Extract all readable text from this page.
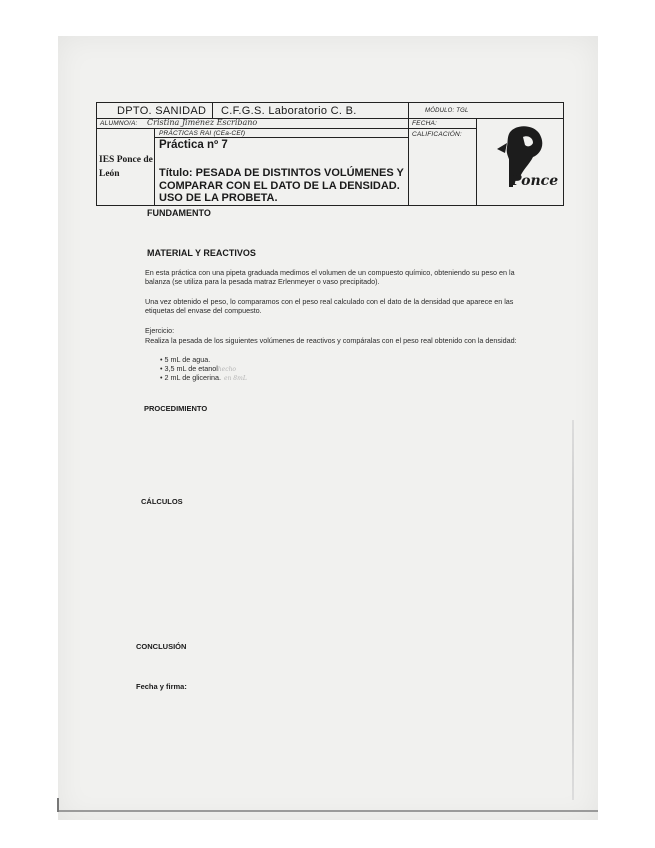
DPTO. SANIDAD C.F.G.S. Laboratorio C. B.	MÓDULO: TGL
ALUMNO/A: Cristina Jiménez Escribano	FECHA:
PRÁCTICAS RAI (CEa-CEf)	CALIFICACIÓN:
IES Ponce de León
Práctica nº 7
Título: PESADA DE DISTINTOS VOLÚMENES Y COMPARAR CON EL DATO DE LA DENSIDAD. USO DE LA PROBETA.
Ponce
FUNDAMENTO
MATERIAL Y REACTIVOS

En esta práctica con una pipeta graduada medimos el volumen de un compuesto químico, obteniendo su peso en la balanza (se utiliza para la pesada matraz Erlenmeyer o vaso precipitado).

Una vez obtenido el peso, lo comparamos con el peso real calculado con el dato de la densidad que aparece en las etiquetas del envase del compuesto.

Ejercicio:

Realiza la pesada de los siguientes volúmenes de reactivos y compáralas con el peso real obtenido con la densidad:

• 5 mL de agua.
• 3,5 mL de etanolhecho
• 2 mL de glicerina. en 8mL
PROCEDIMIENTO
CÁLCULOS
CONCLUSIÓN
Fecha y firma:
